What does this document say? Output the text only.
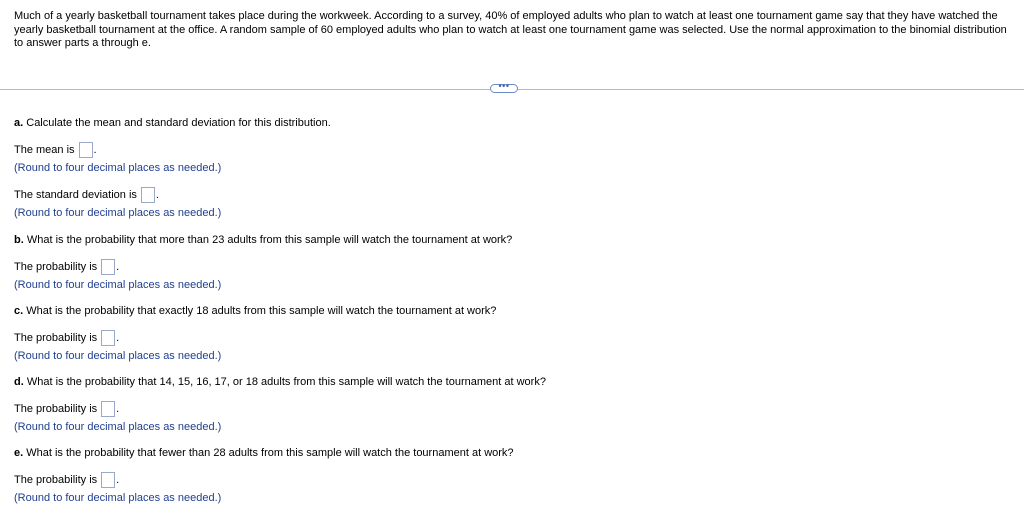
Much of a yearly basketball tournament takes place during the workweek. According to a survey, 40% of employed adults who plan to watch at least one tournament game say that they have watched the yearly basketball tournament at the office. A random sample of 60 employed adults who plan to watch at least one tournament game was selected. Use the normal approximation to the binomial distribution to answer parts a through e.
•••
a. Calculate the mean and standard deviation for this distribution.
The mean is .
(Round to four decimal places as needed.)
The standard deviation is .
(Round to four decimal places as needed.)
b. What is the probability that more than 23 adults from this sample will watch the tournament at work?
The probability is .
(Round to four decimal places as needed.)
c. What is the probability that exactly 18 adults from this sample will watch the tournament at work?
The probability is .
(Round to four decimal places as needed.)
d. What is the probability that 14, 15, 16, 17, or 18 adults from this sample will watch the tournament at work?
The probability is .
(Round to four decimal places as needed.)
e. What is the probability that fewer than 28 adults from this sample will watch the tournament at work?
The probability is .
(Round to four decimal places as needed.)
